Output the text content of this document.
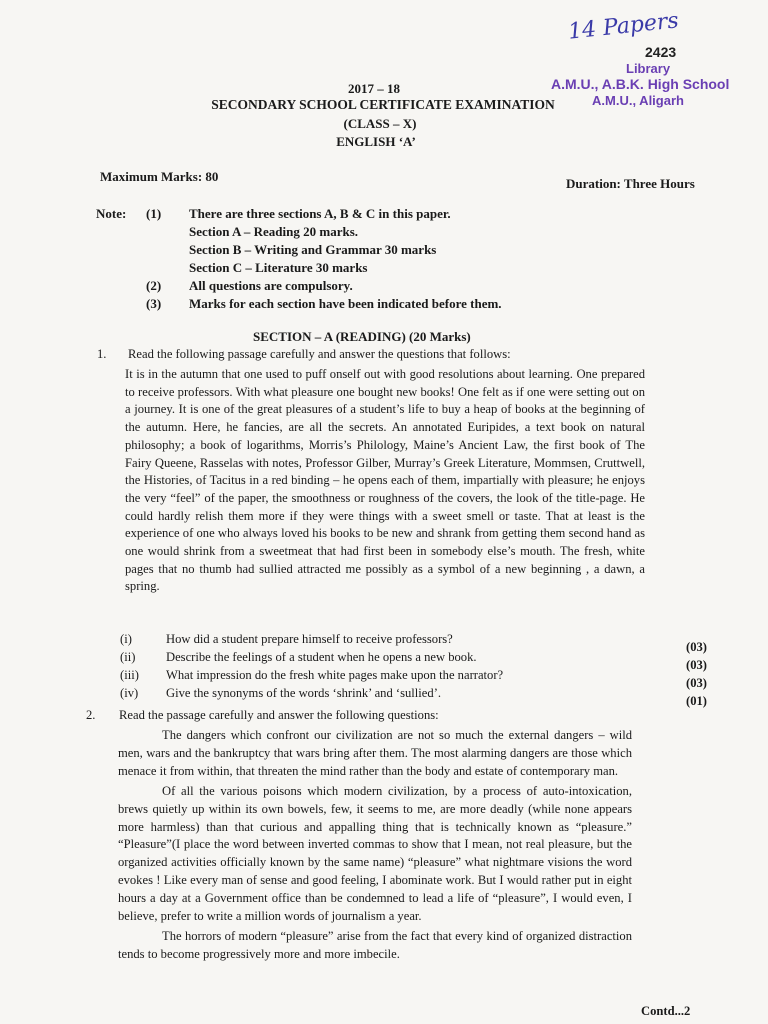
14 Papers
2423
Library
A.M.U., A.B.K. High School
A.M.U., Aligarh
2017 – 18
SECONDARY SCHOOL CERTIFICATE EXAMINATION
(CLASS – X)
ENGLISH ‘A’
Maximum Marks: 80	Duration: Three Hours
Note: (1) There are three sections A, B & C in this paper.
Section A – Reading 20 marks.
Section B – Writing and Grammar 30 marks
Section C – Literature 30 marks
(2) All questions are compulsory.
(3) Marks for each section have been indicated before them.
SECTION – A (READING) (20 Marks)
1. Read the following passage carefully and answer the questions that follows:

It is in the autumn that one used to puff onself out with good resolutions about learning. One prepared to receive professors. With what pleasure one bought new books! One felt as if one were setting out on a journey. It is one of the great pleasures of a student’s life to buy a heap of books at the beginning of the autumn. Here, he fancies, are all the secrets. An annotated Euripides, a text book on natural philosophy; a book of logarithms, Morris’s Philology, Maine’s Ancient Law, the first book of The Fairy Queene, Rasselas with notes, Professor Gilber, Murray’s Greek Literature, Mommsen, Cruttwell, the Histories, of Tacitus in a red binding – he opens each of them, impartially with pleasure; he enjoys the very “feel” of the paper, the smoothness or roughness of the covers, the look of the title-page. He could hardly relish them more if they were things with a sweet smell or taste. That at least is the experience of one who always loved his books to be new and shrank from getting them second hand as one would shrink from a sweetmeat that had first been in somebody else’s mouth. The fresh, white pages that no thumb had sullied attracted me possibly as a symbol of a new beginning , a dawn, a spring.

(i)	How did a student prepare himself to receive professors?
(03)
(ii) Describe the feelings of a student when he opens a new book.
(03)
(iii) What impression do the fresh white pages make upon the narrator?
(03)
(iv) Give the synonyms of the words ‘shrink’ and ‘sullied’.
(01)
2. Read the passage carefully and answer the following questions:

The dangers which confront our civilization are not so much the external dangers – wild men, wars and the bankruptcy that wars bring after them. The most alarming dangers are those which menace it from within, that threaten the mind rather than the body and estate of contemporary man.

Of all the various poisons which modern civilization, by a process of auto-intoxication, brews quietly up within its own bowels, few, it seems to me, are more deadly (while none appears more harmless) than that curious and appalling thing that is technically known as “pleasure.” “Pleasure”(I place the word between inverted commas to show that I mean, not real pleasure, but the organized activities officially known by the same name) “pleasure” what nightmare visions the word evokes ! Like every man of sense and good feeling, I abominate work. But I would rather put in eight hours a day at a Government office than be condemned to lead a life of “pleasure”, I would even, I believe, prefer to write a million words of journalism a year.

The horrors of modern “pleasure” arise from the fact that every kind of organized distraction tends to become progressively more and more imbecile.

Contd...2
